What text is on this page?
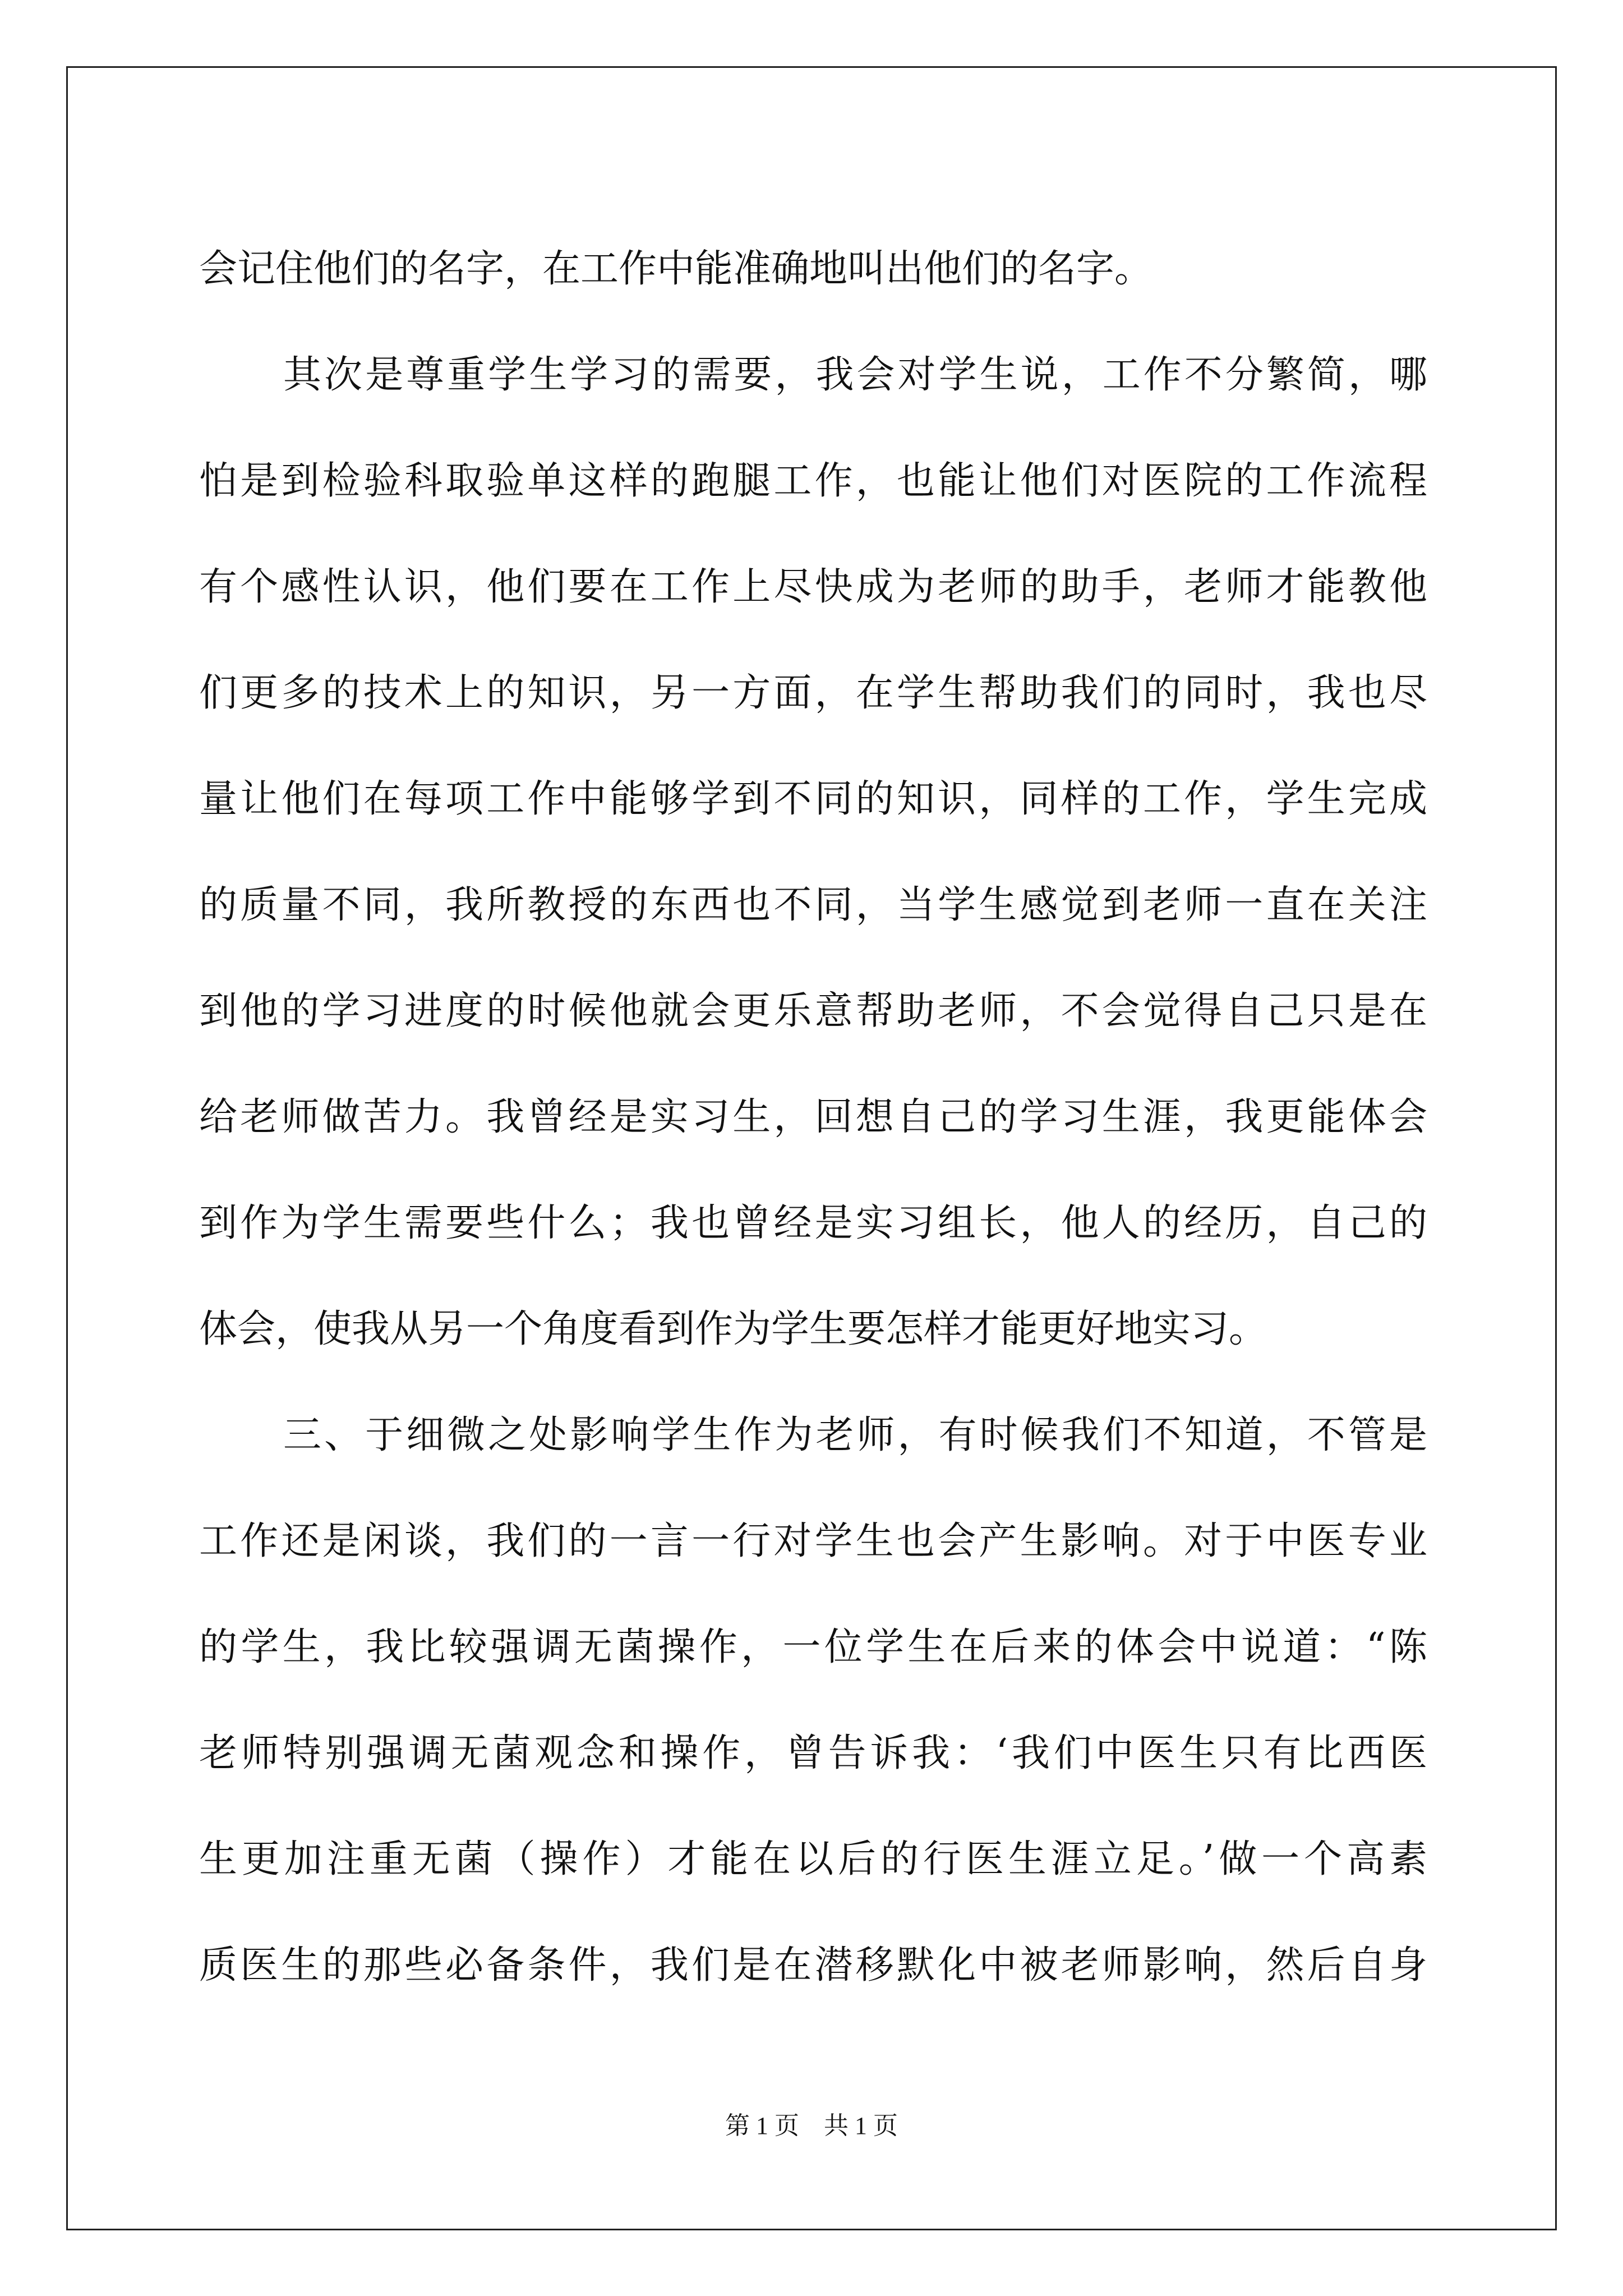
会记住他们的名字，在工作中能准确地叫出他们的名字。
其次是尊重学生学习的需要，我会对学生说，工作不分繁简，哪
怕是到检验科取验单这样的跑腿工作，也能让他们对医院的工作流程
有个感性认识，他们要在工作上尽快成为老师的助手，老师才能教他
们更多的技术上的知识，另一方面，在学生帮助我们的同时，我也尽
量让他们在每项工作中能够学到不同的知识，同样的工作，学生完成
的质量不同，我所教授的东西也不同，当学生感觉到老师一直在关注
到他的学习进度的时候他就会更乐意帮助老师，不会觉得自己只是在
给老师做苦力。我曾经是实习生，回想自己的学习生涯，我更能体会
到作为学生需要些什么；我也曾经是实习组长，他人的经历，自己的
体会，使我从另一个角度看到作为学生要怎样才能更好地实习。
三、于细微之处影响学生作为老师，有时候我们不知道，不管是
工作还是闲谈，我们的一言一行对学生也会产生影响。对于中医专业
的学生，我比较强调无菌操作，一位学生在后来的体会中说道：“陈
老师特别强调无菌观念和操作，曾告诉我：‘我们中医生只有比西医
生更加注重无菌（操作）才能在以后的行医生涯立足。’做一个高素
质医生的那些必备条件，我们是在潜移默化中被老师影响，然后自身
第 1 页　共 1 页
